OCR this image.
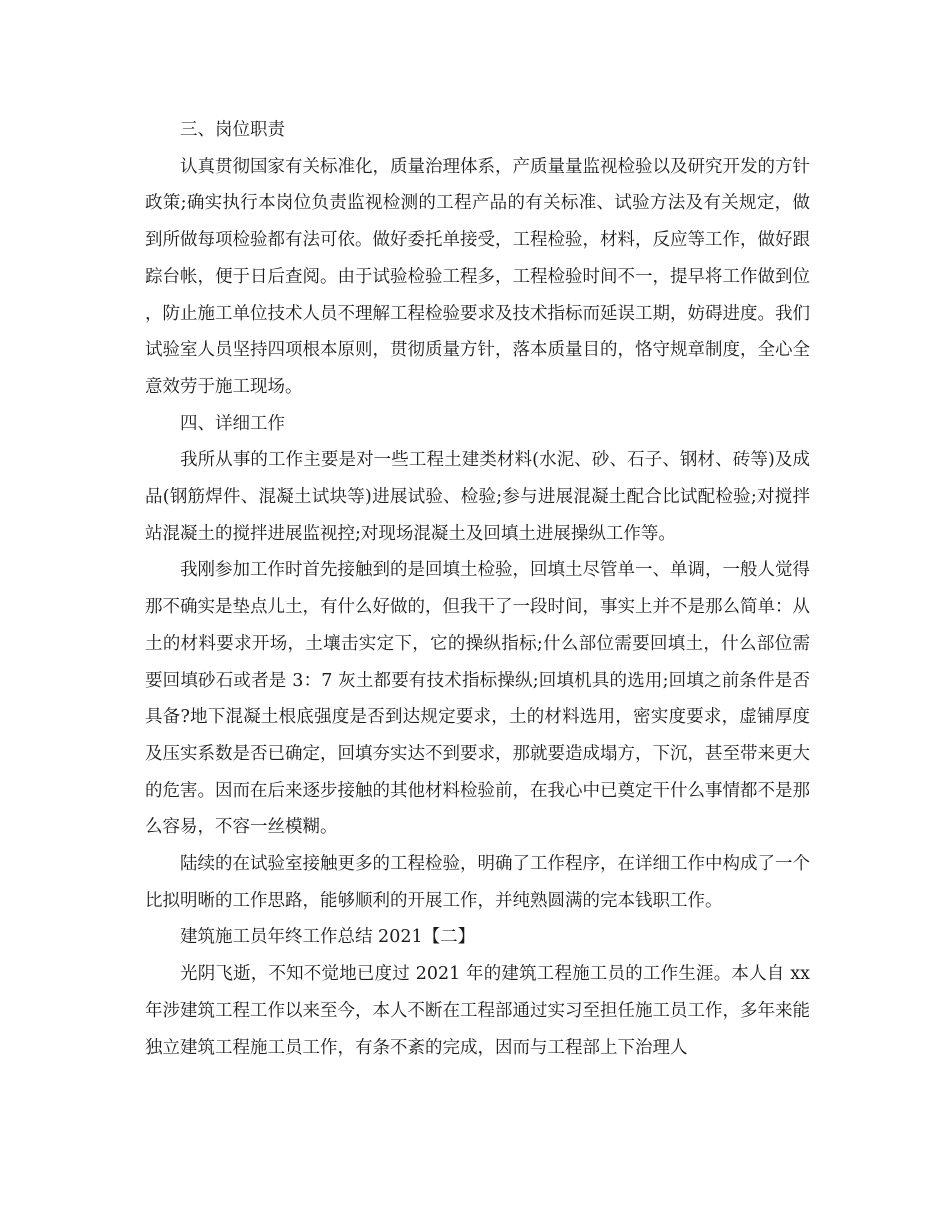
三、岗位职责

认真贯彻国家有关标准化，质量治理体系，产质量量监视检验以及研究开发的方针政策;确实执行本岗位负责监视检测的工程产品的有关标准、试验方法及有关规定，做到所做每项检验都有法可依。做好委托单接受，工程检验，材料，反应等工作，做好跟踪台帐，便于日后查阅。由于试验检验工程多，工程检验时间不一，提早将工作做到位，防止施工单位技术人员不理解工程检验要求及技术指标而延误工期，妨碍进度。我们试验室人员坚持四项根本原则，贯彻质量方针，落本质量目的，恪守规章制度，全心全意效劳于施工现场。

四、详细工作

我所从事的工作主要是对一些工程土建类材料(水泥、砂、石子、钢材、砖等)及成品(钢筋焊件、混凝土试块等)进展试验、检验;参与进展混凝土配合比试配检验;对搅拌站混凝土的搅拌进展监视控;对现场混凝土及回填土进展操纵工作等。

我刚参加工作时首先接触到的是回填土检验，回填土尽管单一、单调，一般人觉得那不确实是垫点儿土，有什么好做的，但我干了一段时间，事实上并不是那么简单：从土的材料要求开场，土壤击实定下，它的操纵指标;什么部位需要回填土，什么部位需要回填砂石或者是 3：7 灰土都要有技术指标操纵;回填机具的选用;回填之前条件是否具备?地下混凝土根底强度是否到达规定要求，土的材料选用，密实度要求，虚铺厚度及压实系数是否已确定，回填夯实达不到要求，那就要造成塌方，下沉，甚至带来更大的危害。因而在后来逐步接触的其他材料检验前，在我心中已奠定干什么事情都不是那么容易，不容一丝模糊。

陆续的在试验室接触更多的工程检验，明确了工作程序，在详细工作中构成了一个比拟明晰的工作思路，能够顺利的开展工作，并纯熟圆满的完本钱职工作。

建筑施工员年终工作总结 2021【二】

光阴飞逝，不知不觉地已度过 2021 年的建筑工程施工员的工作生涯。本人自 xx 年涉建筑工程工作以来至今，本人不断在工程部通过实习至担任施工员工作，多年来能独立建筑工程施工员工作，有条不紊的完成，因而与工程部上下治理人
